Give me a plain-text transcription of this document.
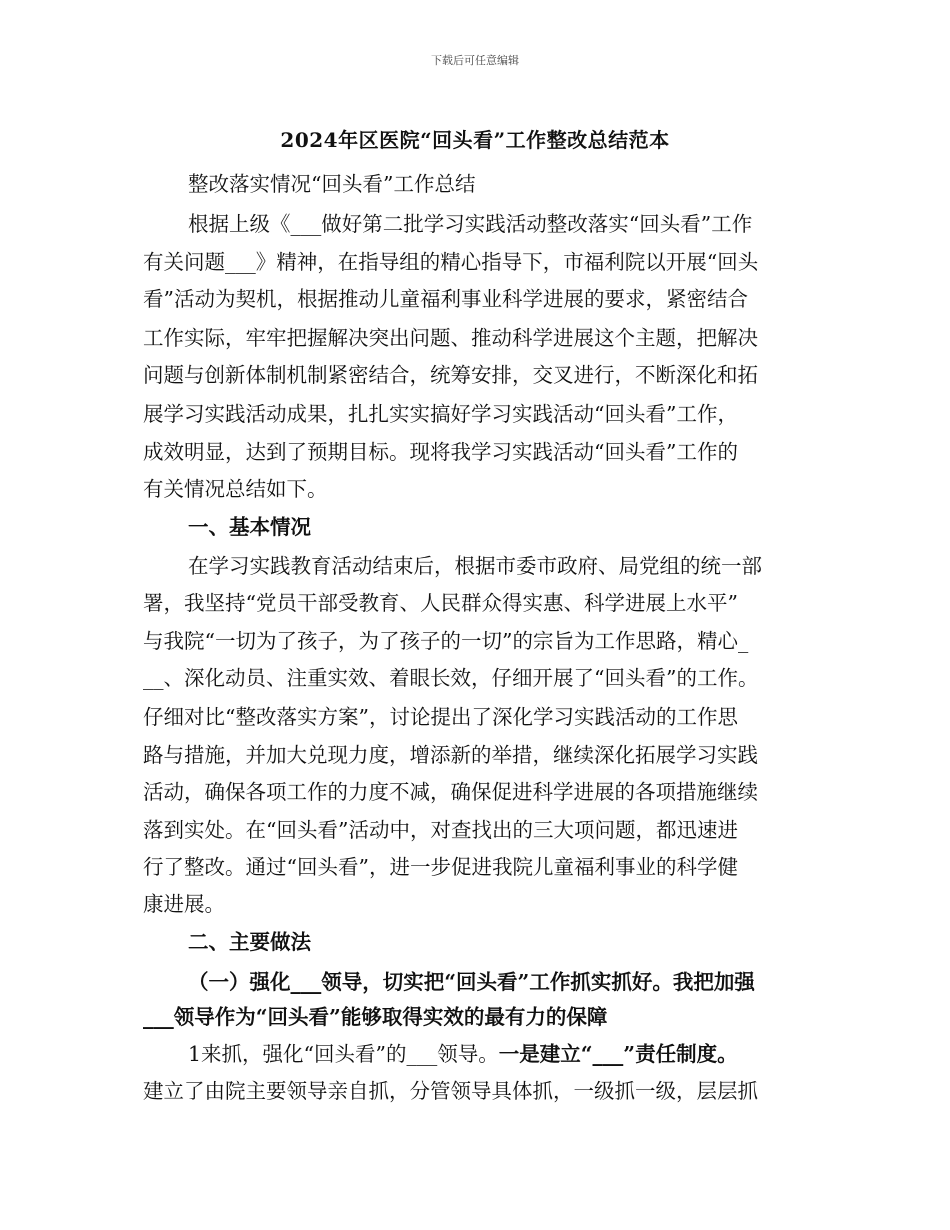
下载后可任意编辑
2024年区医院“回头看”工作整改总结范本
整改落实情况“回头看”工作总结
根据上级《___做好第二批学习实践活动整改落实“回头看”工作
有关问题___》精神，在指导组的精心指导下，市福利院以开展“回头
看”活动为契机，根据推动儿童福利事业科学进展的要求，紧密结合
工作实际，牢牢把握解决突出问题、推动科学进展这个主题，把解决
问题与创新体制机制紧密结合，统筹安排，交叉进行，不断深化和拓
展学习实践活动成果，扎扎实实搞好学习实践活动“回头看”工作，
成效明显，达到了预期目标。现将我学习实践活动“回头看”工作的
有关情况总结如下。
一、基本情况
在学习实践教育活动结束后，根据市委市政府、局党组的统一部
署，我坚持“党员干部受教育、人民群众得实惠、科学进展上水平”
与我院“一切为了孩子，为了孩子的一切”的宗旨为工作思路，精心_
__、深化动员、注重实效、着眼长效，仔细开展了“回头看”的工作。
仔细对比“整改落实方案”，讨论提出了深化学习实践活动的工作思
路与措施，并加大兑现力度，增添新的举措，继续深化拓展学习实践
活动，确保各项工作的力度不减，确保促进科学进展的各项措施继续
落到实处。在“回头看”活动中，对查找出的三大项问题，都迅速进
行了整改。通过“回头看”，进一步促进我院儿童福利事业的科学健
康进展。
二、主要做法
（一）强化___领导，切实把“回头看”工作抓实抓好。我把加强
___领导作为“回头看”能够取得实效的最有力的保障
1来抓，强化“回头看”的___领导。一是建立“___”责任制度。
建立了由院主要领导亲自抓，分管领导具体抓，一级抓一级，层层抓
